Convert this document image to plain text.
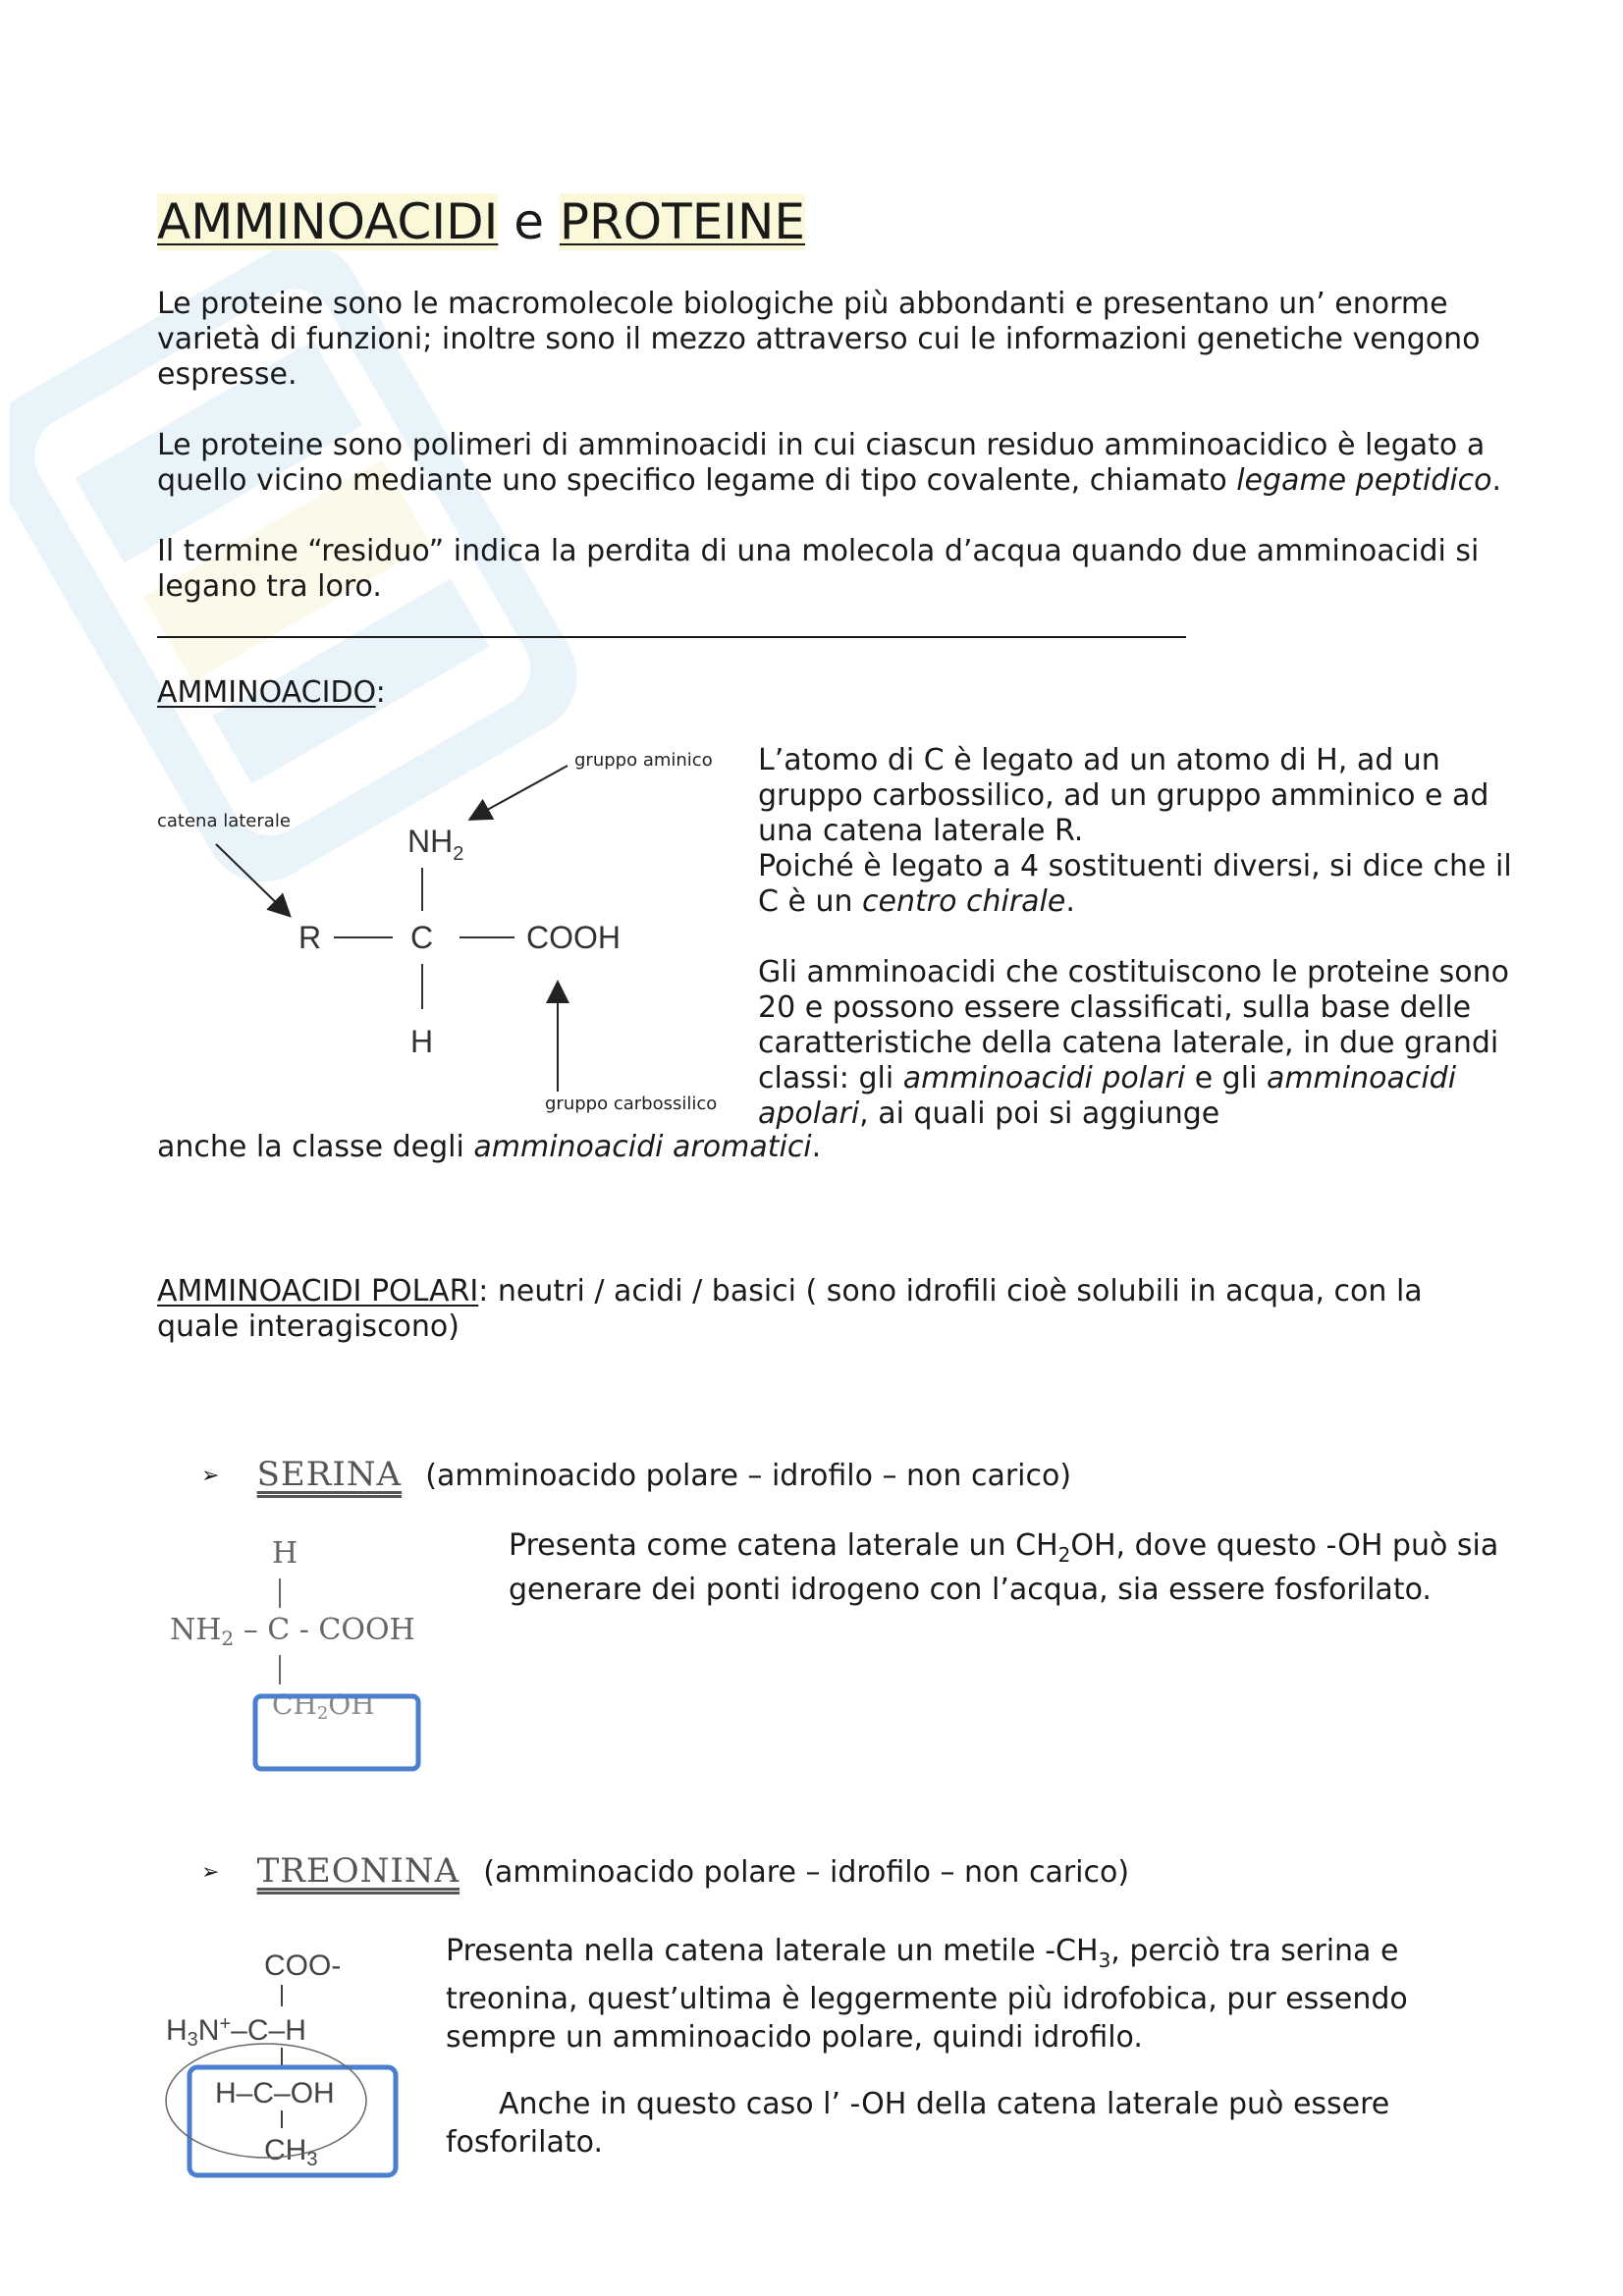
AMMINOACIDI e PROTEINE
Le proteine sono le macromolecole biologiche più abbondanti e presentano un’ enorme varietà di funzioni; inoltre sono il mezzo attraverso cui le informazioni genetiche vengono espresse.
Le proteine sono polimeri di amminoacidi in cui ciascun residuo amminoacidico è legato a quello vicino mediante uno specifico legame di tipo covalente, chiamato legame peptidico.
Il termine “residuo” indica la perdita di una molecola d’acqua quando due amminoacidi si legano tra loro.
AMMINOACIDO:
gruppo aminico
catena laterale
$NH_2$
R	C	COOH
H
gruppo carbossilico
L’atomo di C è legato ad un atomo di H, ad un gruppo carbossilico, ad un gruppo amminico e ad una catena laterale R.
Poiché è legato a 4 sostituenti diversi, si dice che il C è un centro chirale.
Gli amminoacidi che costituiscono le proteine sono 20 e possono essere classificati, sulla base delle caratteristiche della catena laterale, in due grandi classi: gli amminoacidi polari e gli amminoacidi apolari, ai quali poi si aggiunge
anche la classe degli amminoacidi aromatici.
AMMINOACIDI POLARI: neutri / acidi / basici ( sono idrofili cioè solubili in acqua, con la quale interagiscono)
➢ SERINA (amminoacido polare – idrofilo – non carico)
H
$NH_2$ – C - COOH
CH2OH
Presenta come catena laterale un $CH_2OH$, dove questo -OH può sia generare dei ponti idrogeno con l’acqua, sia essere fosforilato.
➢ TREONINA (amminoacido polare – idrofilo – non carico)
COO-
$H_3N^+-C-H$
H–C–OH
$CH_3$
Presenta nella catena laterale un metile $-CH_3$, perciò tra serina e treonina, quest’ultima è leggermente più idrofobica, pur essendo sempre un amminoacido polare, quindi idrofilo.
Anche in questo caso l’ -OH della catena laterale può essere fosforilato.
